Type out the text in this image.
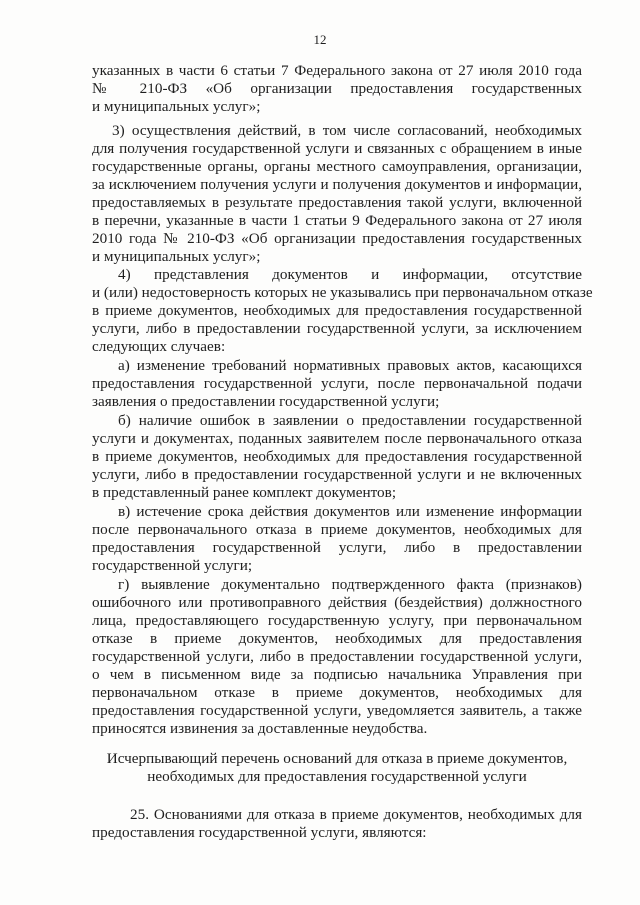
12
указанных в части 6 статьи 7 Федерального закона от 27 июля 2010 года
№ 210-ФЗ «Об организации предоставления государственных
и муниципальных услуг»;
3) осуществления действий, в том числе согласований, необходимых
для получения государственной услуги и связанных с обращением в иные
государственные органы, органы местного самоуправления, организации,
за исключением получения услуги и получения документов и информации,
предоставляемых в результате предоставления такой услуги, включенной
в перечни, указанные в части 1 статьи 9 Федерального закона от 27 июля
2010 года № 210-ФЗ «Об организации предоставления государственных
и муниципальных услуг»;
4) представления документов и информации, отсутствие
и (или) недостоверность которых не указывались при первоначальном отказе
в приеме документов, необходимых для предоставления государственной
услуги, либо в предоставлении государственной услуги, за исключением
следующих случаев:
а) изменение требований нормативных правовых актов, касающихся
предоставления государственной услуги, после первоначальной подачи
заявления о предоставлении государственной услуги;
б) наличие ошибок в заявлении о предоставлении государственной
услуги и документах, поданных заявителем после первоначального отказа
в приеме документов, необходимых для предоставления государственной
услуги, либо в предоставлении государственной услуги и не включенных
в представленный ранее комплект документов;
в) истечение срока действия документов или изменение информации
после первоначального отказа в приеме документов, необходимых для
предоставления государственной услуги, либо в предоставлении
государственной услуги;
г) выявление документально подтвержденного факта (признаков)
ошибочного или противоправного действия (бездействия) должностного
лица, предоставляющего государственную услугу, при первоначальном
отказе в приеме документов, необходимых для предоставления
государственной услуги, либо в предоставлении государственной услуги,
о чем в письменном виде за подписью начальника Управления при
первоначальном отказе в приеме документов, необходимых для
предоставления государственной услуги, уведомляется заявитель, а также
приносятся извинения за доставленные неудобства.
Исчерпывающий перечень оснований для отказа в приеме документов,
необходимых для предоставления государственной услуги
25. Основаниями для отказа в приеме документов, необходимых для
предоставления государственной услуги, являются:
